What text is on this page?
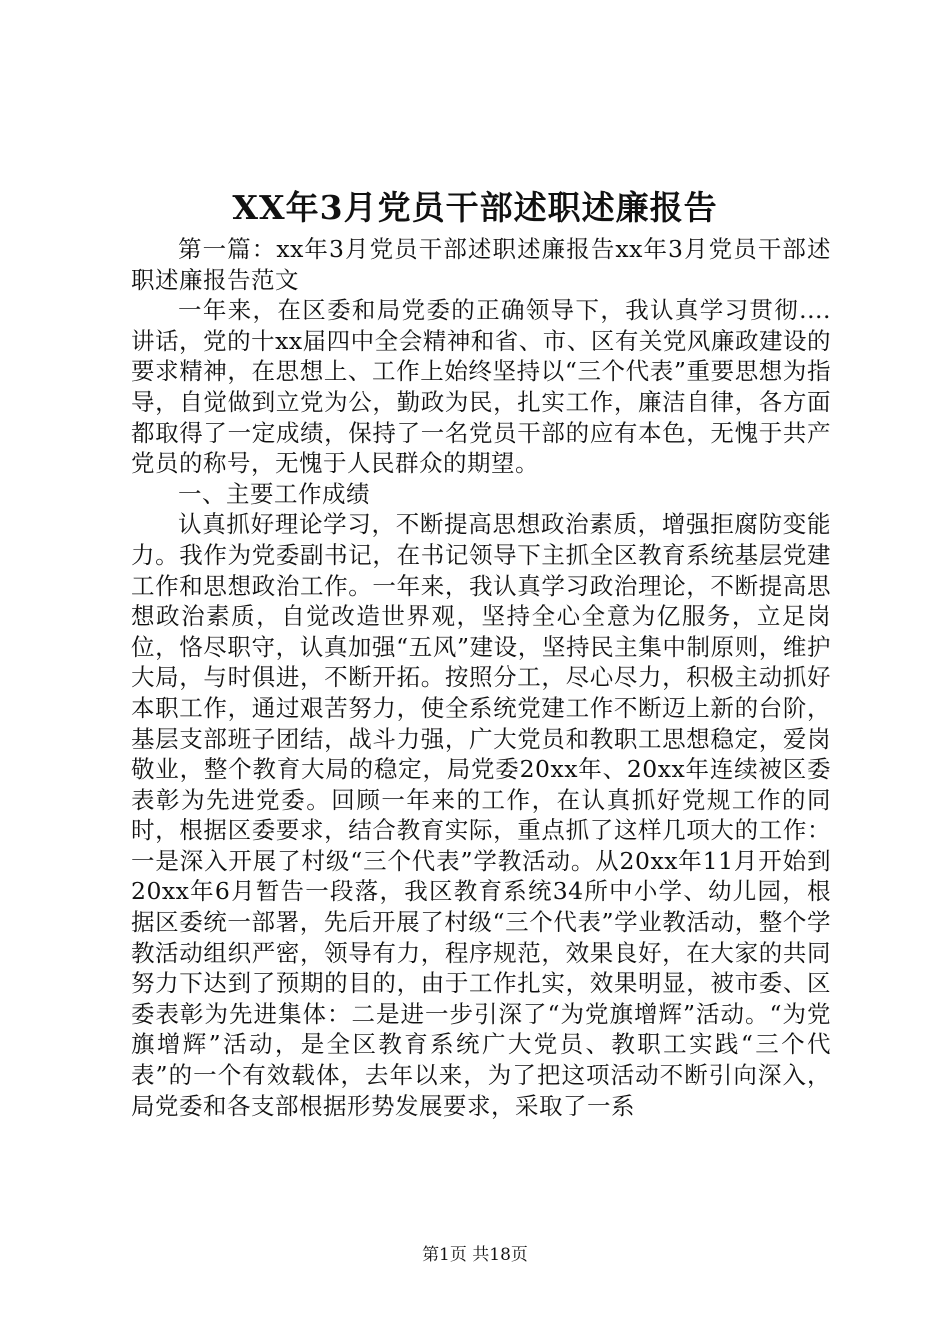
XX年3月党员干部述职述廉报告

第一篇：xx年3月党员干部述职述廉报告xx年3月党员干部述职述廉报告范文

一年来，在区委和局党委的正确领导下，我认真学习贯彻....讲话，党的十xx届四中全会精神和省、市、区有关党风廉政建设的要求精神，在思想上、工作上始终坚持以“三个代表”重要思想为指导，自觉做到立党为公，勤政为民，扎实工作，廉洁自律，各方面都取得了一定成绩，保持了一名党员干部的应有本色，无愧于共产党员的称号，无愧于人民群众的期望。

一、主要工作成绩

认真抓好理论学习，不断提高思想政治素质，增强拒腐防变能力。我作为党委副书记，在书记领导下主抓全区教育系统基层党建工作和思想政治工作。一年来，我认真学习政治理论，不断提高思想政治素质，自觉改造世界观，坚持全心全意为亿服务，立足岗位，恪尽职守，认真加强“五风”建设，坚持民主集中制原则，维护大局，与时俱进，不断开拓。按照分工，尽心尽力，积极主动抓好本职工作，通过艰苦努力，使全系统党建工作不断迈上新的台阶，基层支部班子团结，战斗力强，广大党员和教职工思想稳定，爱岗敬业，整个教育大局的稳定，局党委20xx年、20xx年连续被区委表彰为先进党委。回顾一年来的工作，在认真抓好党规工作的同时，根据区委要求，结合教育实际，重点抓了这样几项大的工作：一是深入开展了村级“三个代表”学教活动。从20xx年11月开始到20xx年6月暂告一段落，我区教育系统34所中小学、幼儿园，根据区委统一部署，先后开展了村级“三个代表”学业教活动，整个学教活动组织严密，领导有力，程序规范，效果良好，在大家的共同努力下达到了预期的目的，由于工作扎实，效果明显，被市委、区委表彰为先进集体：二是进一步引深了“为党旗增辉”活动。“为党旗增辉”活动，是全区教育系统广大党员、教职工实践“三个代表”的一个有效载体，去年以来，为了把这项活动不断引向深入，局党委和各支部根据形势发展要求，采取了一系

第1页 共18页
